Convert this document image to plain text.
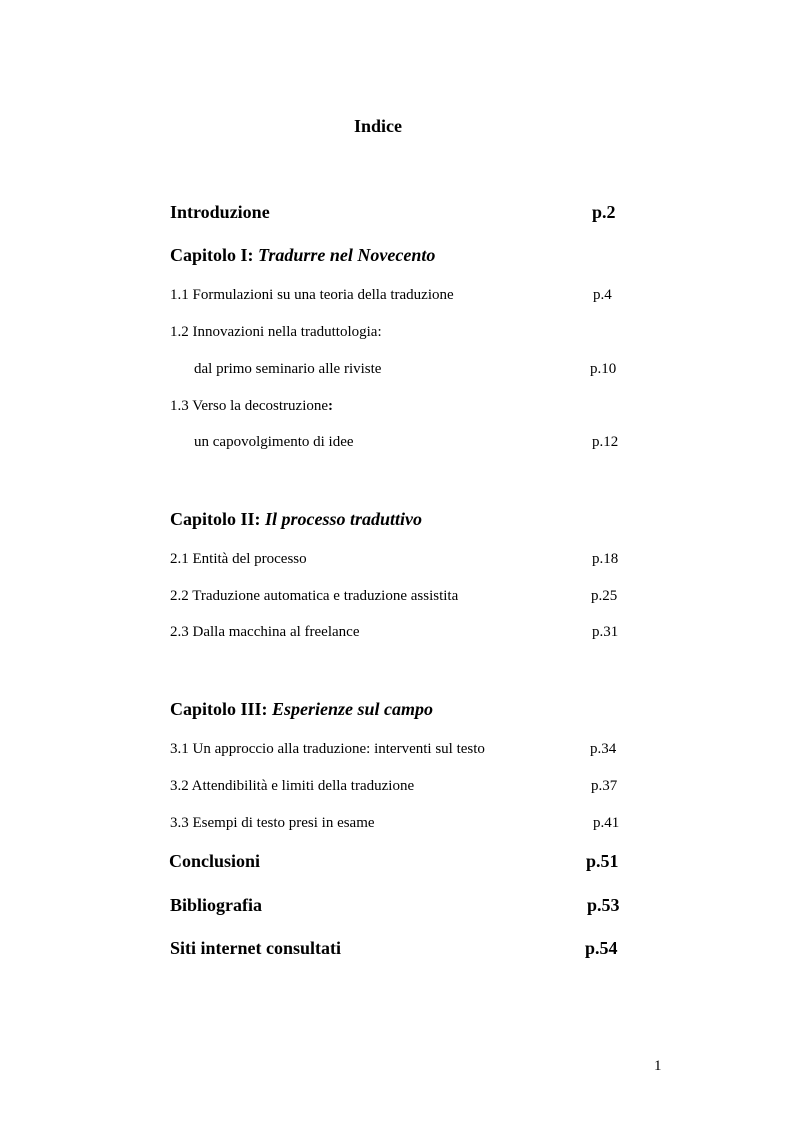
Indice
Introduzione	p.2
Capitolo I: Tradurre nel Novecento
1.1 Formulazioni su una teoria della traduzione	p.4
1.2 Innovazioni nella traduttologia:
dal primo seminario alle riviste	p.10
1.3 Verso la decostruzione:
un capovolgimento di idee	p.12
Capitolo II: Il processo traduttivo
2.1 Entità del processo	p.18
2.2 Traduzione automatica e traduzione assistita	p.25
2.3 Dalla macchina al freelance	p.31
Capitolo III: Esperienze sul campo
3.1 Un approccio alla traduzione: interventi sul testo	p.34
3.2 Attendibilità e limiti della traduzione	p.37
3.3 Esempi di testo presi in esame	p.41
Conclusioni	p.51
Bibliografia	p.53
Siti internet consultati	p.54
1
